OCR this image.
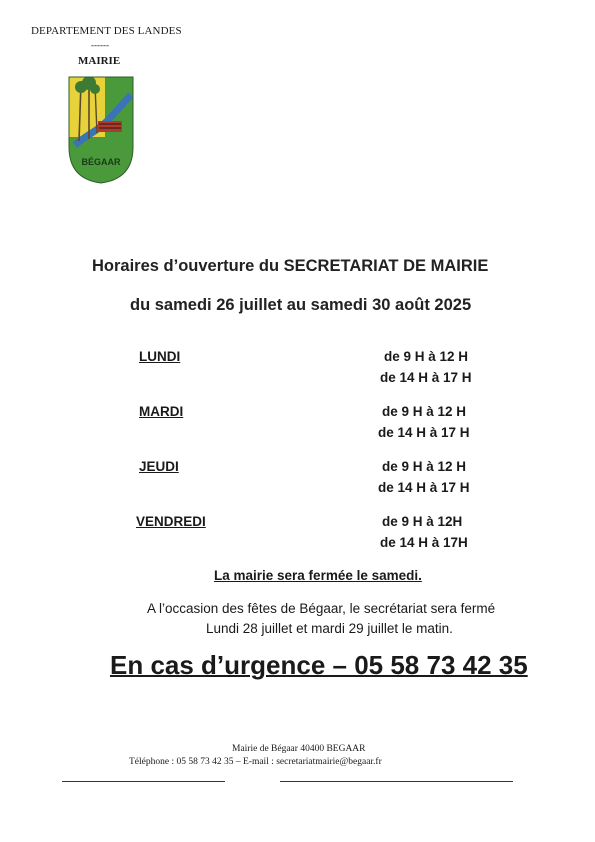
DEPARTEMENT DES LANDES
------
MAIRIE
BÉGAAR
Horaires d’ouverture du SECRETARIAT DE MAIRIE
du samedi 26 juillet au samedi 30 août 2025
LUNDI	de 9 H à 12 H
de 14 H à 17 H
MARDI	de 9 H à 12 H
de 14 H à 17 H
JEUDI	de 9 H à 12 H
de 14 H à 17 H
VENDREDI	de 9 H à 12H
de 14 H à 17H
La mairie sera fermée le samedi.
A l’occasion des fêtes de Bégaar, le secrétariat sera fermé
Lundi 28 juillet et mardi 29 juillet le matin.
En cas d’urgence – 05 58 73 42 35
Mairie de Bégaar 40400 BEGAAR
Téléphone : 05 58 73 42 35 – E-mail : secretariatmairie@begaar.fr
